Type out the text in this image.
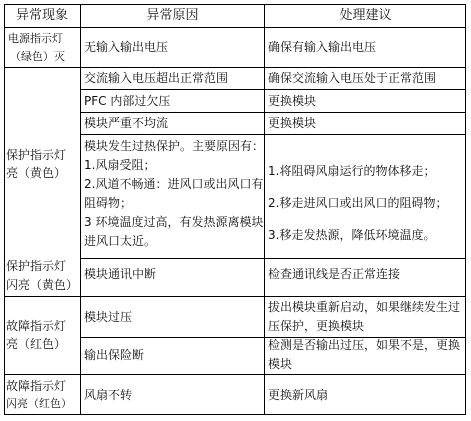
异常现象	异常原因	处理建议
电源指示灯
（绿色）灭
保护指示灯
亮（黄色）
保护指示灯
闪亮（黄色）
故障指示灯
亮（红色）
故障指示灯
闪亮（红色）
无输入输出电压
交流输入电压超出正常范围
PFC 内部过欠压
模块严重不均流

模块发生过热保护。主要原因有：

1.风扇受阻；

2.风道不畅通：进风口或出风口有

阻碍物；

3 环境温度过高，有发热源离模块

进风口太近。

模块通讯中断
模块过压
输出保险断
风扇不转
确保有输入输出电压
确保交流输入电压处于正常范围
更换模块
更换模块

1.将阻碍风扇运行的物体移走；

2.移走进风口或出风口的阻碍物；

3.移走发热源，降低环境温度。

检查通讯线是否正常连接

拔出模块重新启动，如果继续发生过

压保护，更换模块

检测是否输出过压，如果不是，更换

模块

更换新风扇
